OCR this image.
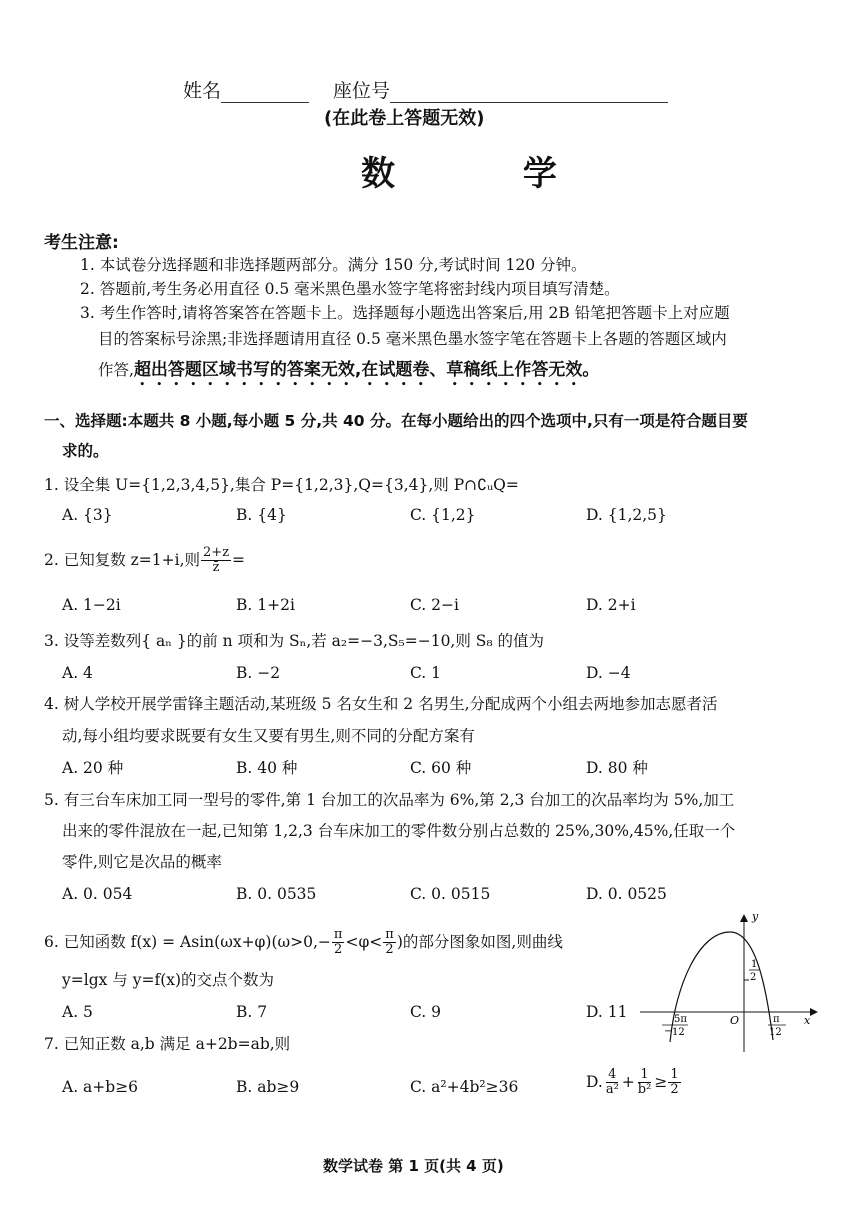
姓名	座位号
(在此卷上答题无效)
数 学
考生注意:
1. 本试卷分选择题和非选择题两部分。满分 150 分,考试时间 120 分钟。
2. 答题前,考生务必用直径 0.5 毫米黑色墨水签字笔将密封线内项目填写清楚。
3. 考生作答时,请将答案答在答题卡上。选择题每小题选出答案后,用 2B 铅笔把答题卡上对应题
目的答案标号涂黑;非选择题请用直径 0.5 毫米黑色墨水签字笔在答题卡上各题的答题区域内
作答,超出答题区域书写的答案无效,在试题卷、草稿纸上作答无效。
一、选择题:本题共 8 小题,每小题 5 分,共 40 分。在每小题给出的四个选项中,只有一项是符合题目要
求的。
1. 设全集 U={1,2,3,4,5},集合 P={1,2,3},Q={3,4},则 P∩∁ᵤQ=
A. {3}	B. {4}	C. {1,2}	D. {1,2,5}
2. 已知复数 z=1+i,则 $\frac{2+z}{z̄}$ =
A. 1−2i	B. 1+2i	C. 2−i	D. 2+i
3. 设等差数列{ aₙ }的前 n 项和为 Sₙ,若 a₂=−3,S₅=−10,则 S₈ 的值为
A. 4	B. −2	C. 1	D. −4
4. 树人学校开展学雷锋主题活动,某班级 5 名女生和 2 名男生,分配成两个小组去两地参加志愿者活
动,每小组均要求既要有女生又要有男生,则不同的分配方案有
A. 20 种	B. 40 种	C. 60 种	D. 80 种
5. 有三台车床加工同一型号的零件,第 1 台加工的次品率为 6%,第 2,3 台加工的次品率均为 5%,加工
出来的零件混放在一起,已知第 1,2,3 台车床加工的零件数分别占总数的 25%,30%,45%,任取一个
零件,则它是次品的概率
A. 0. 054	B. 0. 0535	C. 0. 0515	D. 0. 0525
6. 已知函数 $f(x) = Asin(\omega x+\varphi)(\omega>0,- \frac{\pi}{2} <\varphi< \frac{\pi}{2}$ )的部分图象如图,则曲线
y=lgx 与 y=f(x)的交点个数为
A. 5	B. 7	C. 9	D. 11
y
x
O
1
2
5π
− 12
π
12
7. 已知正数 a,b 满足 a+2b=ab,则
A. a+b≥6	B. ab≥9	C. a²+4b²≥36	D. $\frac{4}{\text{a²}} + \frac{1}{\text{b²}} \ge \frac{1}{2}$
数学试卷 第 1 页(共 4 页)
